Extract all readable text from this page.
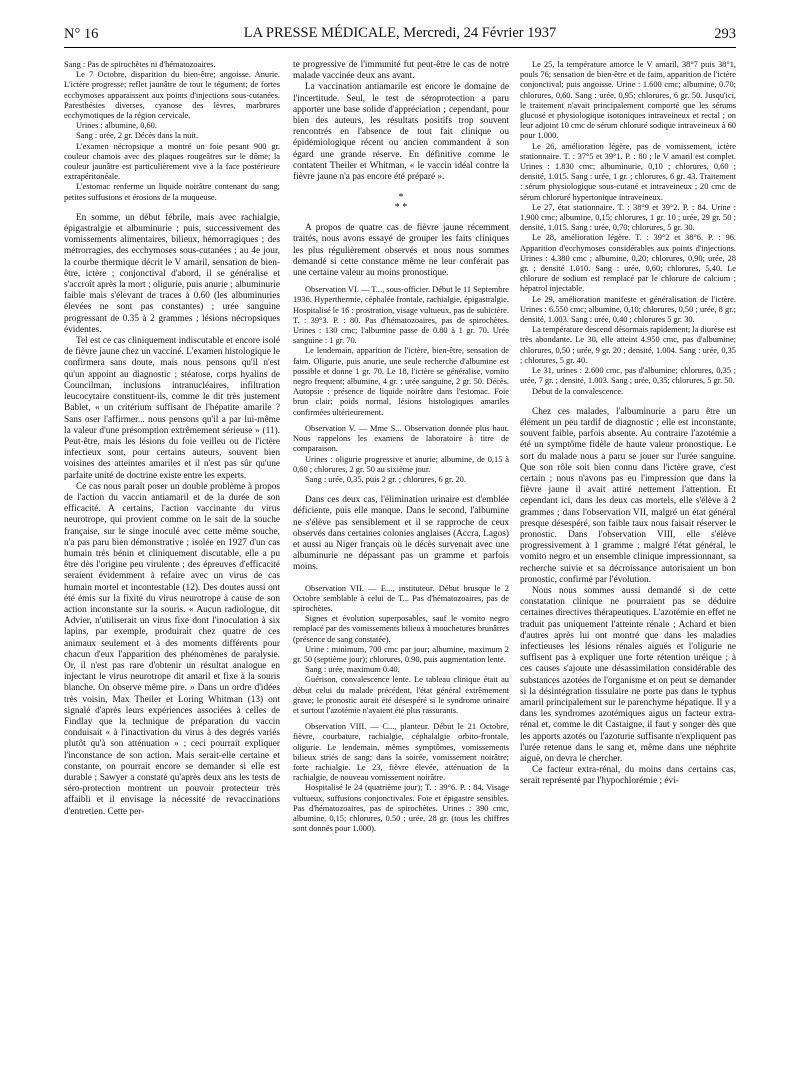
N° 16	LA PRESSE MÉDICALE, Mercredi, 24 Février 1937	293

Sang : Pas de spirochètes ni d'hématozoaires.

Le 7 Octobre, disparition du bien-être; angoisse. Anurie. L'ictère progresse; reflet jaunâtre de tout le tégument; de fortes ecchymoses apparaissent aux points d'injections sous-cutanées. Paresthésies diverses, cyanose des lèvres, marbrures ecchymotiques de la région cervicale.

Urines : albumine, 0,60.

Sang : urée, 2 gr. Décès dans la nuit.

L'examen nécropsique a montré un foie pesant 900 gr. couleur chamois avec des plaques rougeâtres sur le dôme; la couleur jaunâtre est particulièrement vive à la face postérieure extrapéritonéale.

L'estomac renferme un liquide noirâtre contenant du sang; petites suffusions et érosions de la muqueuse.

En somme, un début fébrile, mais avec rachialgie, épigastralgie et albuminurie ; puis, successivement des vomissements alimentaires, bilieux, hémorragiques ; des métrorragies, des ecchymoses sous-cutanées ; au 4e jour, la courbe thermique décrit le V amaril, sensation de bien-être, ictère ; conjonctival d'abord, il se généralise et s'accroît après la mort ; oligurie, puis anurie ; albuminurie faible mais s'élevant de traces à 0.60 (les albuminuries élevées ne sont pas constantes) ; urée sanguine progressant de 0.35 à 2 grammes ; lésions nécropsiques évidentes.

Tel est ce cas cliniquement indiscutable et encore isolé de fièvre jaune chez un vacciné. L'examen histologique le confirmera sans doute, mais nous pensons qu'il n'est qu'un appoint au diagnostic ; stéatose, corps hyalins de Councilman, inclusions intranucléaires, infiltration leucocytaire constituent-ils, comme le dit très justement Bablet, « un critérium suffisant de l'hépatite amarile ? Sans oser l'affirmer... nous pensons qu'il a par lui-même la valeur d'une présomption extrêmement sérieuse » (11). Peut-être, mais les lésions du foie veilleu ou de l'ictère infectieux sont, pour certains auteurs, souvent bien voisines des atteintes amariles et il n'est pas sûr qu'une parfaite unité de doctrine existe entre les experts.

Ce cas nous paraît poser un double problème à propos de l'action du vaccin antiamaril et de la durée de son efficacité. A certains, l'action vaccinante du virus neurotrope, qui provient comme on le sait de la souche française, sur le singe inoculé avec cette même souche, n'a pas paru bien démonstrative ; isolée en 1927 d'un cas humain très bénin et cliniquement discutable, elle a pu être dès l'origine peu virulente ; des épreuves d'efficacité seraient évidemment à refaire avec un virus de cas humain mortel et incontestable (12). Des doutes aussi ont été émis sur la fixité du virus neurotrope à cause de son action inconstante sur la souris. « Aucun radiologue, dit Advier, n'utiliserait un virus fixe dont l'inoculation à six lapins, par exemple, produirait chez quatre de ces animaux seulement et à des moments différents pour chacun d'eux l'apparition des phénomènes de paralysie. Or, il n'est pas rare d'obtenir un résultat analogue en injectant le virus neurotrope dit amaril et fixe à la souris blanche. On observe même pire. » Dans un ordre d'idées très voisin, Max Theiler et Loring Whitman (13) ont signalé d'après leurs expériences associées à celles de Findlay que la technique de préparation du vaccin conduisait « à l'inactivation du virus à des degrés variés plutôt qu'à son atténuation » ; ceci pourrait expliquer l'inconstance de son action. Mais serait-elle certaine et constante, on pourrait encore se demander si elle est durable ; Sawyer a constaté qu'après deux ans les tests de séro-protection montrent un pouvoir protecteur très affaibli et il envisage la nécessité de revaccinations d'entretien. Cette per-

te progressive de l'immunité fut peut-être le cas de notre malade vaccinée deux ans avant.

La vaccination antiamarile est encore le domaine de l'incertitude. Seul, le test de séroprotection a paru apporter une base solide d'appréciation ; cependant, pour bien des auteurs, les résultats positifs trop souvent rencontrés en l'absence de tout fait clinique ou épidémiologique récent ou ancien commandent à son égard une grande réserve. En définitive comme le contatent Theiler et Whitman, « le vaccin idéal contre la fièvre jaune n'a pas encore été préparé ».

*
* *

A propos de quatre cas de fièvre jaune récemment traités, nous avons essayé de grouper les faits cliniques les plus régulièrement observés et nous nous sommes demandé si cette constance même ne leur conférait pas une certaine valeur au moins pronostique.

Observation VI. — T..., sous-officier. Début le 11 Septembre 1936. Hyperthermie, céphalée frontale, rachialgie, épigastralgie. Hospitalisé le 16 : prostration, visage vultueux, pas de subictère. T. : 39°3. P. : 80. Pas d'hématozoaires, pas de spirochètes. Urines : 130 cmc; l'albumine passe de 0.80 à 1 gr. 70. Urée sanguine : 1 gr. 70.

Le lendemain, apparition de l'ictère, bien-être, sensation de faim. Oligurie, puis anurie, une seule recherche d'albumine est possible et donne 1 gr. 70. Le 18, l'ictère se généralise, vomito negro frequent; albumine, 4 gr. ; urée sanguine, 2 gr. 50. Décès. Autopsie : présence de liquide noirâtre dans l'estomac. Foie brun clair; poids normal, lésions histologiques amariles confirmées ultérieurement.

Observation V. — Mme S... Observation donnée plus haut. Nous rappelons les examens de laboratoire à titre de comparaison.

Urines : oligurie progressive et anurie; albumine, de 0,15 à 0,60 ; chlorures, 2 gr. 50 au sixième jour.

Sang : urée, 0,35, puis 2 gr. ; chlorures, 6 gr. 20.

Dans ces deux cas, l'élimination urinaire est d'emblée déficiente, puis elle manque. Dans le second, l'albumine ne s'élève pas sensiblement et il se rapproche de ceux observés dans certaines colonies anglaises (Accra, Lagos) et aussi au Niger français où le décès survenait avec une albuminurie ne dépassant pas un gramme et parfois moins.

Observation VII. — E..., instituteur. Début brusque le 2 Octobre semblable à celui de T... Pas d'hématozoaires, pas de spirochètes.

Signes et évolution superposables, sauf le vomito negro remplacé par des vomissements bilieux à mouchetures brunâtres (présence de sang constatée).

Urine : minimum, 700 cmc par jour; albumine, maximum 2 gr. 50 (septième jour); chlorures, 0.90, puis augmentation lente.

Sang : urée, maximum 0.40.

Guérison, convalescence lente. Le tableau clinique était au début celui du malade précédent, l'état général extrêmement grave; le pronostic aurait été désespéré si le syndrome urinaire et surtout l'azotémie n'avaient été plus rassurants.

Observation VIII. — C..., planteur. Début le 21 Octobre, fièvre, courbature, rachialgie, céphalalgie orbito-frontale, oligurie. Le lendemain, mêmes symptômes, vomissements bilieux striés de sang; dans la soirée, vomissement noirâtre; forte rachialgie. Le 23, fièvre élevée, atténuation de la rachialgie, de nouveau vomissement noirâtre.

Hospitalisé le 24 (quatrième jour); T. : 39°6. P. : 84. Visage vultueux, suffusions conjonctivales. Foie et épigastre sensibles. Pas d'hématozoaires, pas de spirochètes. Urines : 390 cmc, albumine, 0,15; chlorures, 0.50 ; urée, 28 gr. (tous les chiffres sont donnés pour 1.000).

Le 25, la température amorce le V amaril, 38°7 puis 38°1, pouls 76; sensation de bien-être et de faim, apparition de l'ictère conjonctival; puis angoisse. Urine : 1.600 cmc; albumine, 0.70; chlorures, 0,60. Sang : urée, 0,95; chlorures, 6 gr. 50. Jusqu'ici, le traitement n'avait principalement comporté que les sérums glucosé et physiologique isotoniques intraveineux et rectal ; on leur adjoint 10 cmc de sérum chloruré sodique intraveineux à 60 pour 1.000.

Le 26, amélioration légère, pas de vomissement, ictère stationnaire. T. : 37°5 et 39°1. P. : 80 ; le V amaril est complet. Urines : 1.830 cmc; albuminurie, 0,10 ; chlorures, 0,60 ; densité, 1.015. Sang : urée, 1 gr. ; chlorures, 6 gr. 43. Traitement : sérum physiologique sous-cutané et intraveineux ; 20 cmc de sérum chloruré hypertonique intraveineux.

Le 27, état stationnaire. T. : 38°9 et 39°2. P. : 84. Urine : 1.900 cmc; albumine, 0,15; chlorures, 1 gr. 10 ; urée, 29 gr. 50 ; densité, 1.015. Sang : urée, 0,70; chlorures, 5 gr. 30.

Le 28, amélioration légère. T. : 39°2 et 38°6. P. : 96. Apparition d'ecchymoses considérables aux points d'injections. Urines : 4.380 cmc ; albumine, 0,20; chlorures, 0,90; urée, 28 gr. ; densité 1.010. Sang : urée, 0,60; chlorures, 5,40. Le chlorure de sodium est remplacé par le chlorure de calcium ; hépatrol injectable.

Le 29, amélioration manifeste et généralisation de l'ictère. Urines : 6.550 cmc; albumine, 0,10; chlorures, 0,50 ; urée, 8 gr.; densité, 1.003. Sang : urée, 0,40 ; chlorures 5 gr. 30.

La température descend désormais rapidement; la diurèse est très abondante. Le 30, elle atteint 4.950 cmc, pas d'albumine; chlorures, 0,50 ; urée, 9 gr. 20 ; densité, 1.004. Sang : urée, 0,35 ; chlorures, 5 gr. 40.

Le 31, urines : 2.600 cmc, pas d'albumine; chlorures, 0,35 ; urée, 7 gr. ; densité, 1.003. Sang ; urée, 0,35; chlorures, 5 gr. 50.

Début de la convalescence.

Chez ces malades, l'albuminurie a paru être un élément un peu tardif de diagnostic ; elle est inconstante, souvent faible, parfois absente. Au contraire l'azotémie a été un symptôme fidèle de haute valeur pronostique. Le sort du malade nous a paru se jouer sur l'urée sanguine. Que son rôle soit bien connu dans l'ictère grave, c'est certain ; nous n'avons pas eu l'impression que dans la fièvre jaune il avait attiré nettement l'attention. Et cependant ici, dans les deux cas mortels, elle s'élève à 2 grammes ; dans l'observation VII, malgré un état général presque désespéré, son faible taux nous faisait réserver le pronostic. Dans l'observation VIII, elle s'élève progressivement à 1 gramme ; malgré l'état général, le vomito negro et un ensemble clinique impressionnant, sa recherche suivie et sa décroissance autorisaient un bon pronostic, confirmé par l'évolution.

Nous nous sommes aussi demandé si de cette constatation clinique ne pourraient pas se déduire certaines directives thérapeutiques. L'azotémie en effet ne traduit pas uniquement l'atteinte rénale ; Achard et bien d'autres après lui ont montré que dans les maladies infectieuses les lésions rénales aiguës et l'oligurie ne suffisent pas à expliquer une forte rétention uréique ; à ces causes s'ajoute une désassimilation considérable des substances azotées de l'organisme et on peut se demander si la désintégration tissulaire ne porte pas dans le typhus amaril principalement sur le parenchyme hépatique. Il y a dans les syndromes azotémiques aigus un facteur extra-rénal et, comme le dit Castaigne, il faut y songer dès que les apports azotés ou l'azoturie suffisante n'expliquent pas l'urée retenue dans le sang et, même dans une néphrite aiguë, on devra le chercher.

Ce facteur extra-rénal, du moins dans certains cas, serait représenté par l'hypochlorémie ; évi-
